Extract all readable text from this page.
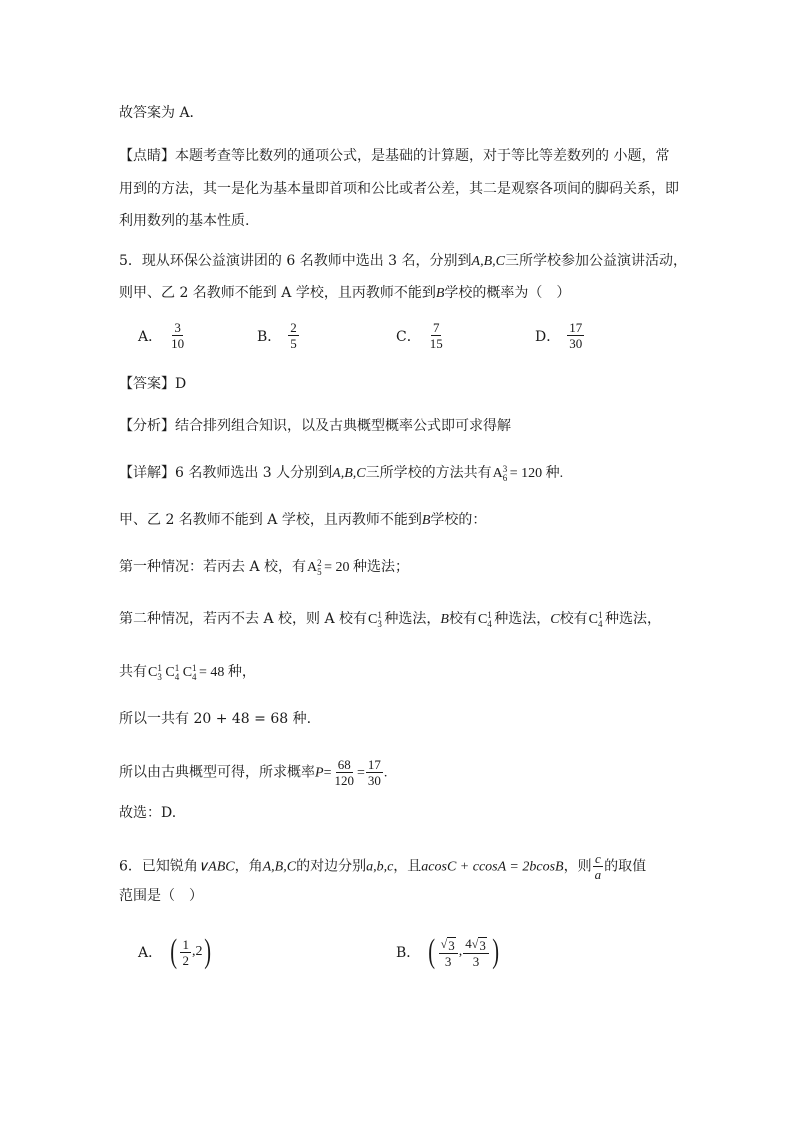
故答案为 A．
【点睛】本题考查等比数列的通项公式，是基础的计算题，对于等比等差数列的 小题，常
用到的方法，其一是化为基本量即首项和公比或者公差，其二是观察各项间的脚码关系，即
利用数列的基本性质.
5．现从环保公益演讲团的 6 名教师中选出 3 名，分别到A,B,C三所学校参加公益演讲活动，
则甲、乙 2 名教师不能到 A 学校，且丙教师不能到B学校的概率为（　）
A． $\frac{3}{10}$	B． $\frac{2}{5}$	C． $\frac{7}{15}$	D． $\frac{17}{30}$
【答案】D
【分析】结合排列组合知识，以及古典概型概率公式即可求得解
【详解】6 名教师选出 3 人分别到A,B,C三所学校的方法共有A 3
6 = 120 种.
甲、乙 2 名教师不能到 A 学校，且丙教师不能到B学校的：
第一种情况：若丙去 A 校，有A 2
5 = 20 种选法；
第二种情况，若丙不去 A 校，则 A 校有C 1
3 种选法，B校有C 1
4 种选法，C校有C 1
4 种选法，
共有C 1
3 C 1
4 C 1
4 = 48 种，
所以一共有 20 + 48 = 68 种.
所以由古典概型可得，所求概率$P= \frac{68}{120} = \frac{17}{30}$ .
故选：D.
6．已知锐角∨ABC，角A,B,C的对边分别a,b,c，且acosC + ccosA = 2bcosB，则 $\frac{c}{a}$ 的取值
范围是（　）
A． ( $\frac{1}{2}$ , 2 )	B． ( $\frac{√ 3}{3}$ , $\frac{4 √ 3}{3}$ )
